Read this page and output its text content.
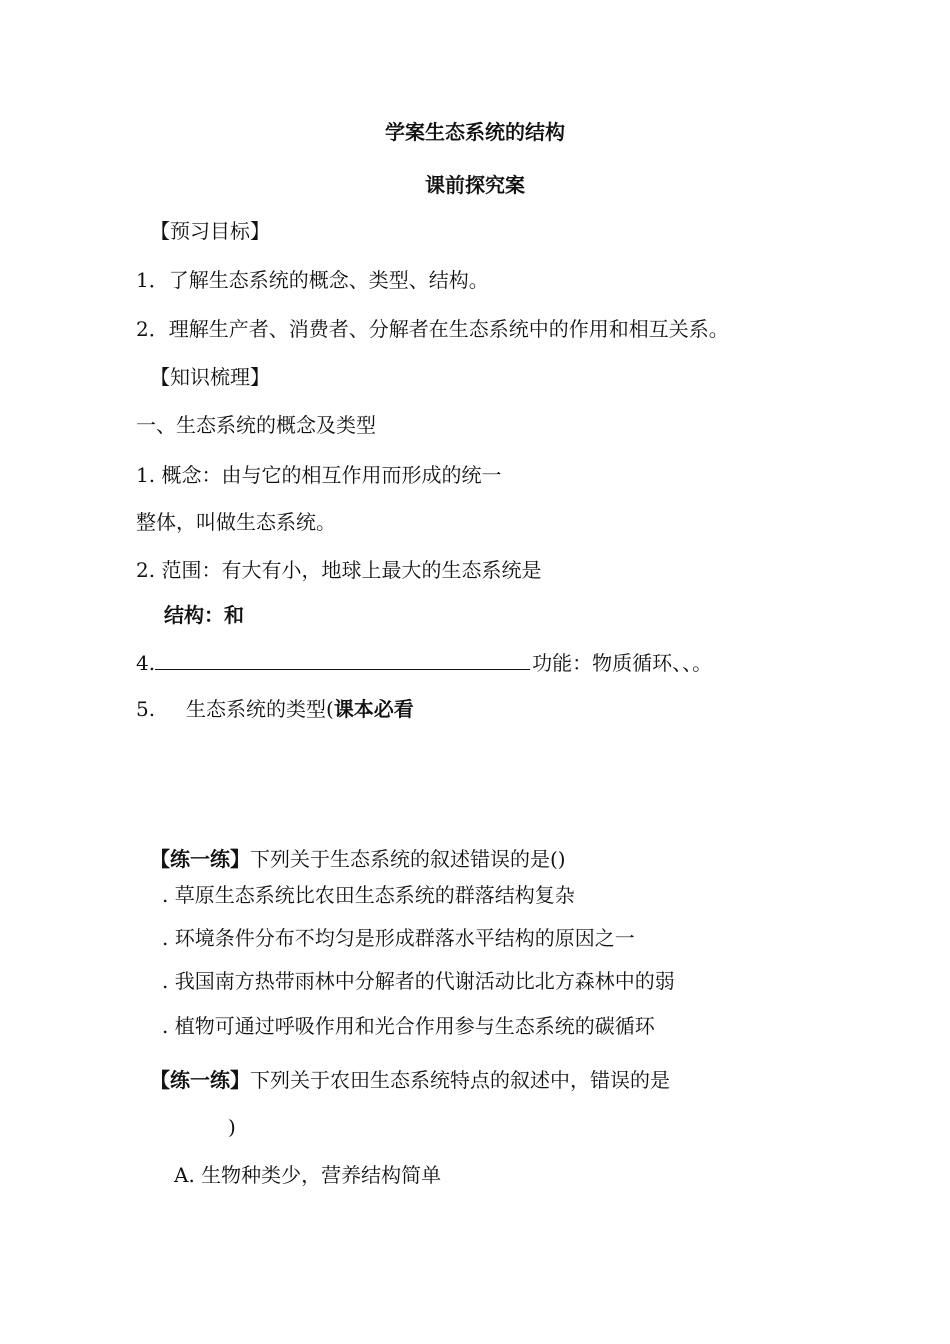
学案生态系统的结构
课前探究案
【预习目标】
1．了解生态系统的概念、类型、结构。
2．理解生产者、消费者、分解者在生态系统中的作用和相互关系。
【知识梳理】
一、生态系统的概念及类型
1. 概念：由与它的相互作用而形成的统一
整体，叫做生态系统。
2. 范围：有大有小，地球上最大的生态系统是
结构：和
4.	功能：物质循环、、。
5. 生态系统的类型(课本必看
【练一练】下列关于生态系统的叙述错误的是()
. 草原生态系统比农田生态系统的群落结构复杂
. 环境条件分布不均匀是形成群落水平结构的原因之一
. 我国南方热带雨林中分解者的代谢活动比北方森林中的弱
. 植物可通过呼吸作用和光合作用参与生态系统的碳循环
【练一练】下列关于农田生态系统特点的叙述中，错误的是
)
A. 生物种类少，营养结构简单
